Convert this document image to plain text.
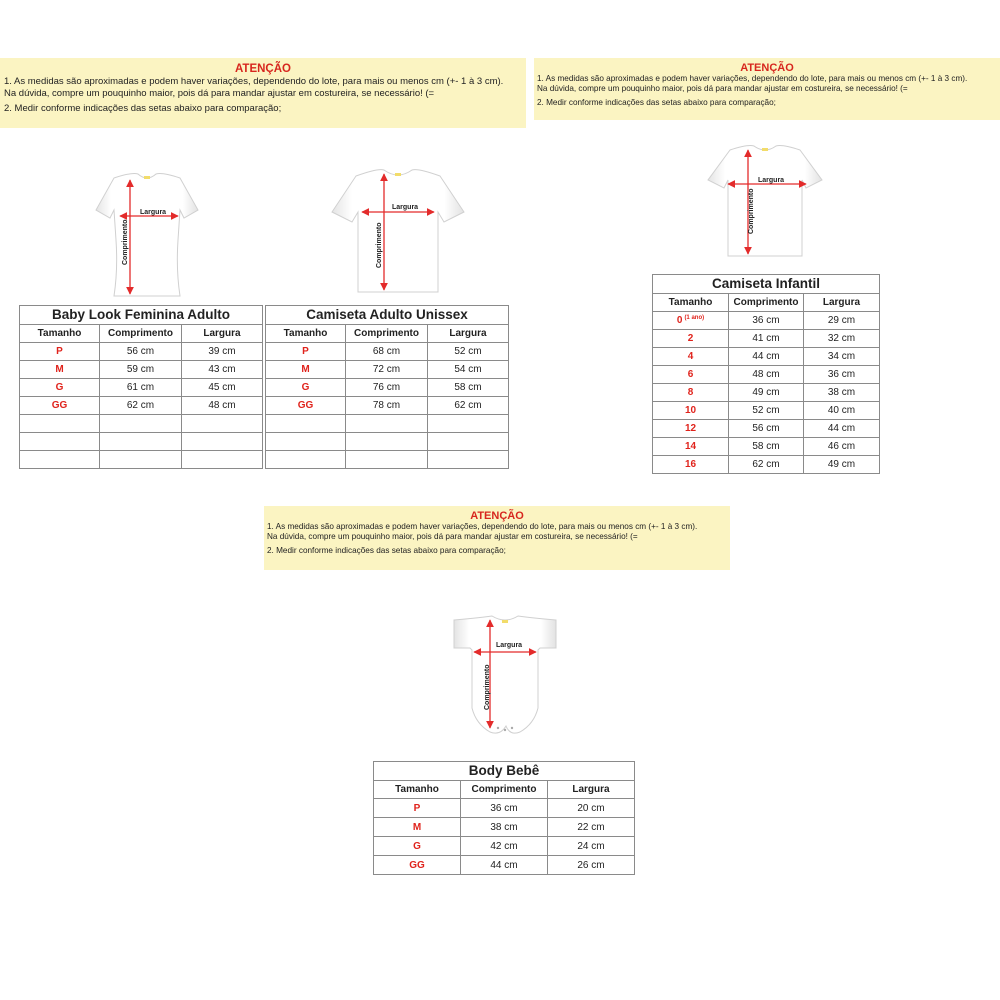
ATENÇÃO

1. As medidas são aproximadas e podem haver variações, dependendo do lote, para mais ou menos cm (+- 1 à 3 cm).

Na dúvida, compre um pouquinho maior, pois dá para mandar ajustar em costureira, se necessário! (=

2. Medir conforme indicações das setas abaixo para comparação;

ATENÇÃO

1. As medidas são aproximadas e podem haver variações, dependendo do lote, para mais ou menos cm (+- 1 à 3 cm).

Na dúvida, compre um pouquinho maior, pois dá para mandar ajustar em costureira, se necessário! (=

2. Medir conforme indicações das setas abaixo para comparação;

ATENÇÃO

1. As medidas são aproximadas e podem haver variações, dependendo do lote, para mais ou menos cm (+- 1 à 3 cm).

Na dúvida, compre um pouquinho maior, pois dá para mandar ajustar em costureira, se necessário! (=

2. Medir conforme indicações das setas abaixo para comparação;

Largura
Comprimento
Largura
Comprimento
Largura
Comprimento
Largura
Comprimento
Baby Look Feminina Adulto
Tamanho	Comprimento	Largura
P	56 cm	39 cm
M	59 cm	43 cm
G	61 cm	45 cm
GG	62 cm	48 cm

Camiseta Adulto Unissex
Tamanho	Comprimento	Largura
P	68 cm	52 cm
M	72 cm	54 cm
G	76 cm	58 cm
GG	78 cm	62 cm

Camiseta Infantil
Tamanho	Comprimento	Largura
0 $^{(1 ano)}$	36 cm	29 cm
2	41 cm	32 cm
4	44 cm	34 cm
6	48 cm	36 cm
8	49 cm	38 cm
10	52 cm	40 cm
12	56 cm	44 cm
14	58 cm	46 cm
16	62 cm	49 cm
Body Bebê
Tamanho	Comprimento	Largura
P	36 cm	20 cm
M	38 cm	22 cm
G	42 cm	24 cm
GG	44 cm	26 cm
